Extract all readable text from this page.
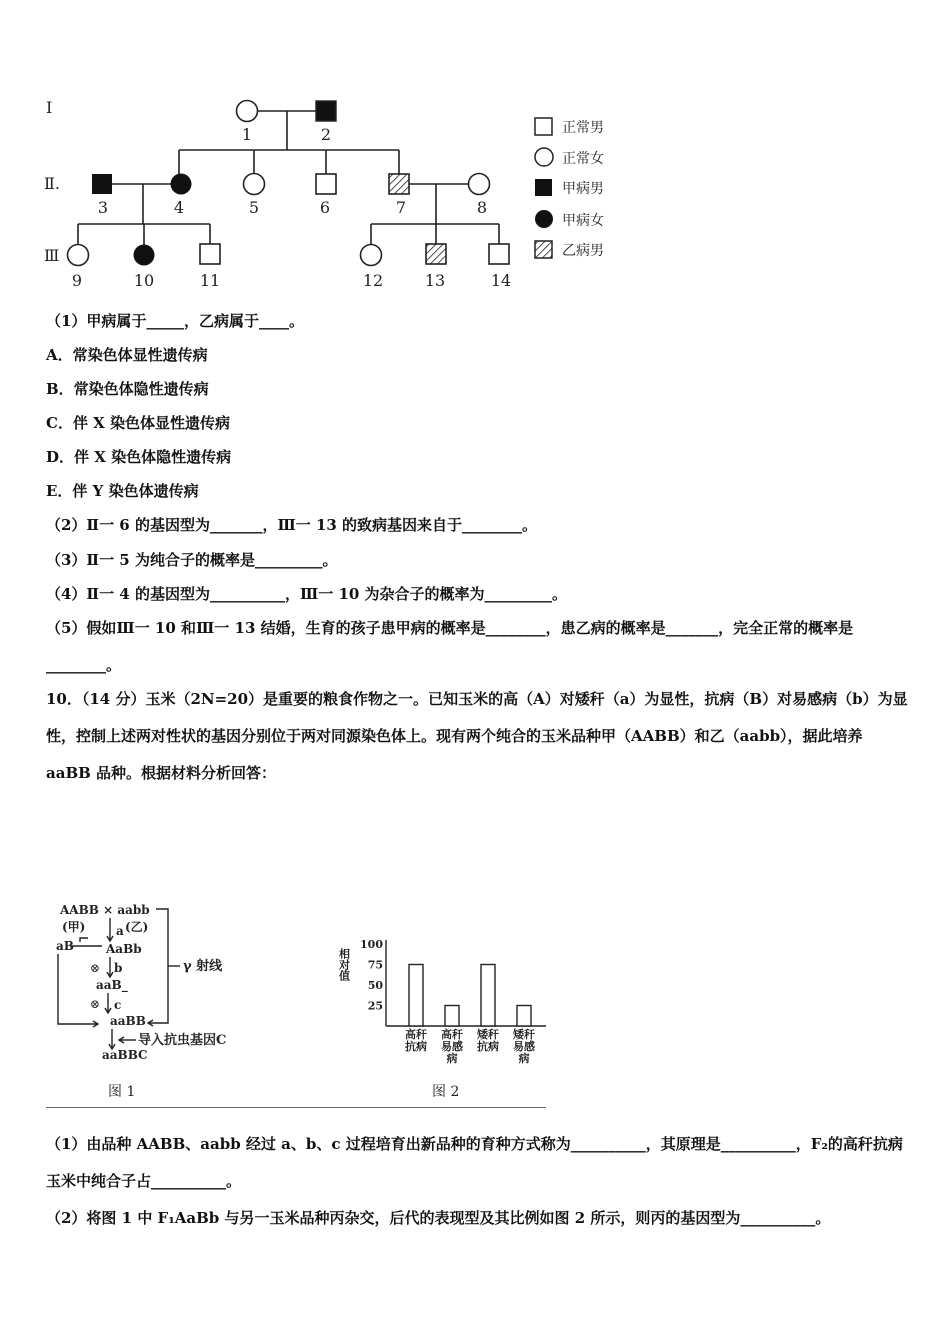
I
Ⅱ.
Ⅲ
1	2
3	4	5	6	7	8
9	10	11	12	13	14
正常男
正常女
甲病男
甲病女
乙病男
（1）甲病属于_____，乙病属于____。
A．常染色体显性遗传病
B．常染色体隐性遗传病
C．伴 X 染色体显性遗传病
D．伴 X 染色体隐性遗传病
E．伴 Y 染色体遗传病
（2）Ⅱ一 6 的基因型为_______，Ⅲ一 13 的致病基因来自于________。
（3）Ⅱ一 5 为纯合子的概率是_________。
（4）Ⅱ一 4 的基因型为__________，Ⅲ一 10 为杂合子的概率为_________。
（5）假如Ⅲ一 10 和Ⅲ一 13 结婚，生育的孩子患甲病的概率是________，患乙病的概率是_______，完全正常的概率是________。
10．（14 分）玉米（2N=20）是重要的粮食作物之一。已知玉米的高（A）对矮秆（a）为显性，抗病（B）对易感病（b）为显性，控制上述两对性状的基因分别位于两对同源染色体上。现有两个纯合的玉米品种甲（AABB）和乙（aabb），据此培养 aaBB 品种。根据材料分析回答：
AABB × aabb
(甲)	(乙)
a
aB	AaBb
b
aaB_
c
aaBB
aaBBC
γ 射线
导入抗虫基因C
⊗
⊗
图 1
相对值
100
75
50
25
高秆抗病
高秆易感病
矮秆抗病
矮秆易感病
图 2
（1）由品种 AABB、aabb 经过 a、b、c 过程培育出新品种的育种方式称为__________，其原理是__________，F₂的高秆抗病玉米中纯合子占__________。
（2）将图 1 中 F₁AaBb 与另一玉米品种丙杂交，后代的表现型及其比例如图 2 所示，则丙的基因型为__________。
